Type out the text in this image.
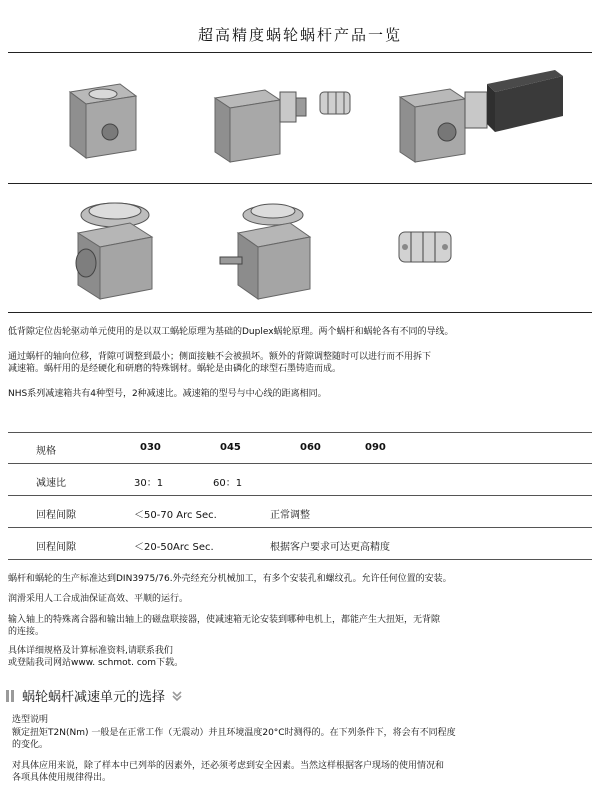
超高精度蜗轮蜗杆产品一览
低背隙定位齿轮驱动单元使用的是以双工蜗轮原理为基础的Duplex蜗轮原理。两个蜗杆和蜗轮各有不同的导线。
通过蜗杆的轴向位移，背隙可调整到最小；侧面接触不会被损坏。额外的背隙调整随时可以进行而不用拆下
减速箱。蜗杆用的是经硬化和研磨的特殊钢材。蜗轮是由磷化的球型石墨铸造而成。
NHS系列减速箱共有4种型号，2种减速比。减速箱的型号与中心线的距离相同。
规格	030	045	060	090
减速比	30：1	60：1
回程间隙	＜50-70 Arc Sec.	正常调整
回程间隙	＜20-50Arc Sec.	根据客户要求可达更高精度
蜗杆和蜗轮的生产标准达到DIN3975/76.外壳经充分机械加工，有多个安装孔和螺纹孔。允许任何位置的安装。
润滑采用人工合成油保证高效、平顺的运行。
输入轴上的特殊离合器和输出轴上的磁盘联接器，使减速箱无论安装到哪种电机上，都能产生大扭矩，无背隙
的连接。
具体详细规格及计算标准资料,请联系我们
或登陆我司网站www. schmot. com下载。
蜗轮蜗杆减速单元的选择
选型说明
额定扭矩T2N(Nm) 一般是在正常工作（无震动）并且环境温度20°C时测得的。在下列条件下，将会有不同程度
的变化。
对具体应用来说，除了样本中已列举的因素外，还必须考虑到安全因素。当然这样根据客户现场的使用情况和
各项具体使用规律得出。
